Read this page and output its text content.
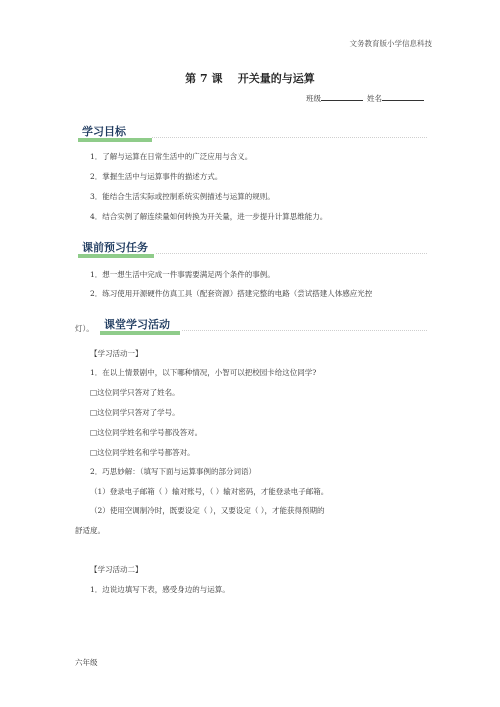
文务教育版小学信息科技
第 7 课    开关量的与运算
班级	姓名
学习目标
1．了解与运算在日常生活中的广泛应用与含义。
2．掌握生活中与运算事件的描述方式。
3．能结合生活实际或控制系统实例描述与运算的规则。
4．结合实例了解连续量如何转换为开关量，进一步提升计算思维能力。
课前预习任务
1．想一想生活中完成一件事需要满足两个条件的事例。
2．练习使用开源硬件仿真工具（配套资源）搭建完整的电路（尝试搭建人体感应光控
灯）。 课堂学习活动
【学习活动一】
1．在以上情景剧中，以下哪种情况，小智可以把校园卡给这位同学?
□这位同学只答对了姓名。
□这位同学只答对了学号。
□这位同学姓名和学号都没答对。
□这位同学姓名和学号都答对。
2．巧思妙解：（填写下面与运算事例的部分词语）
（1）登录电子邮箱（ ）输对账号，（ ）输对密码，才能登录电子邮箱。
（2）使用空调制冷时，既要设定（ ），又要设定（ ），才能获得预期的
舒适度。
【学习活动二】
1．边说边填写下表，感受身边的与运算。
六年级
